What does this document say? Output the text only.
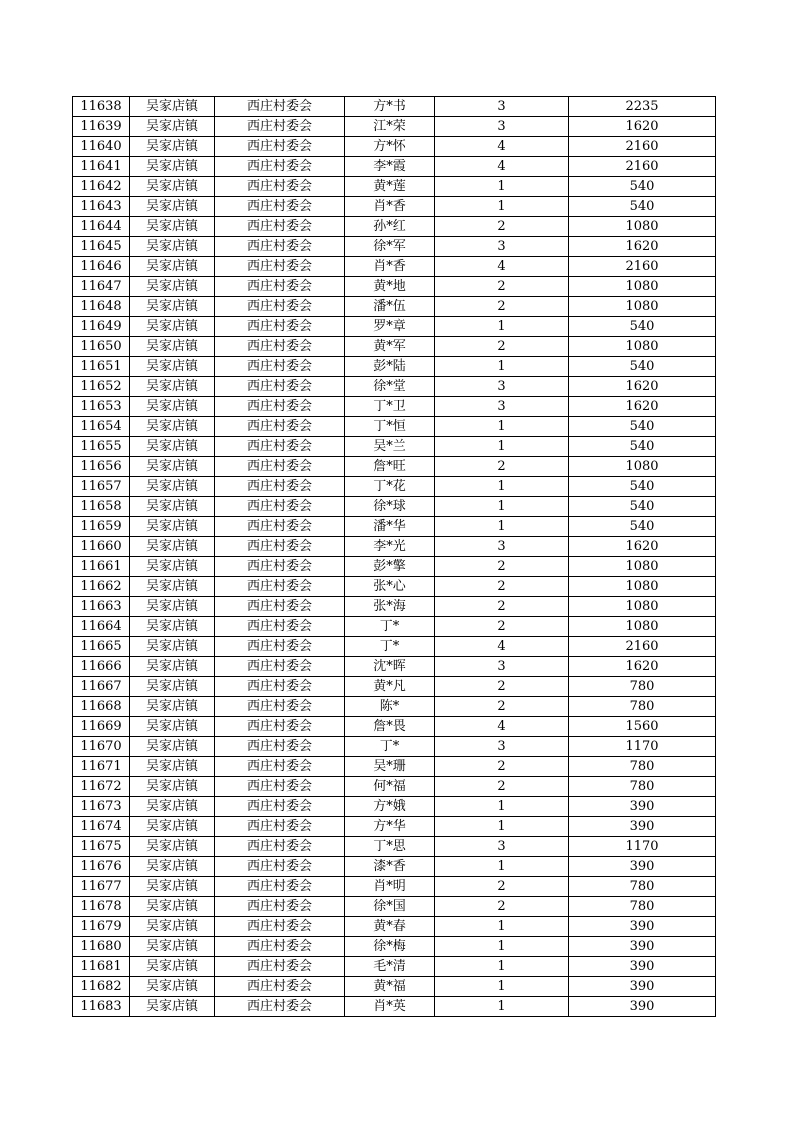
11638	吴家店镇	西庄村委会	方*书	3	2235
11639	吴家店镇	西庄村委会	江*荣	3	1620
11640	吴家店镇	西庄村委会	方*怀	4	2160
11641	吴家店镇	西庄村委会	李*霞	4	2160
11642	吴家店镇	西庄村委会	黄*莲	1	540
11643	吴家店镇	西庄村委会	肖*香	1	540
11644	吴家店镇	西庄村委会	孙*红	2	1080
11645	吴家店镇	西庄村委会	徐*军	3	1620
11646	吴家店镇	西庄村委会	肖*香	4	2160
11647	吴家店镇	西庄村委会	黄*地	2	1080
11648	吴家店镇	西庄村委会	潘*伍	2	1080
11649	吴家店镇	西庄村委会	罗*章	1	540
11650	吴家店镇	西庄村委会	黄*军	2	1080
11651	吴家店镇	西庄村委会	彭*陆	1	540
11652	吴家店镇	西庄村委会	徐*堂	3	1620
11653	吴家店镇	西庄村委会	丁*卫	3	1620
11654	吴家店镇	西庄村委会	丁*恒	1	540
11655	吴家店镇	西庄村委会	吴*兰	1	540
11656	吴家店镇	西庄村委会	詹*旺	2	1080
11657	吴家店镇	西庄村委会	丁*花	1	540
11658	吴家店镇	西庄村委会	徐*球	1	540
11659	吴家店镇	西庄村委会	潘*华	1	540
11660	吴家店镇	西庄村委会	李*光	3	1620
11661	吴家店镇	西庄村委会	彭*擎	2	1080
11662	吴家店镇	西庄村委会	张*心	2	1080
11663	吴家店镇	西庄村委会	张*海	2	1080
11664	吴家店镇	西庄村委会	丁*	2	1080
11665	吴家店镇	西庄村委会	丁*	4	2160
11666	吴家店镇	西庄村委会	沈*晖	3	1620
11667	吴家店镇	西庄村委会	黄*凡	2	780
11668	吴家店镇	西庄村委会	陈*	2	780
11669	吴家店镇	西庄村委会	詹*畏	4	1560
11670	吴家店镇	西庄村委会	丁*	3	1170
11671	吴家店镇	西庄村委会	吴*珊	2	780
11672	吴家店镇	西庄村委会	何*福	2	780
11673	吴家店镇	西庄村委会	方*娥	1	390
11674	吴家店镇	西庄村委会	方*华	1	390
11675	吴家店镇	西庄村委会	丁*思	3	1170
11676	吴家店镇	西庄村委会	漆*香	1	390
11677	吴家店镇	西庄村委会	肖*明	2	780
11678	吴家店镇	西庄村委会	徐*国	2	780
11679	吴家店镇	西庄村委会	黄*春	1	390
11680	吴家店镇	西庄村委会	徐*梅	1	390
11681	吴家店镇	西庄村委会	毛*清	1	390
11682	吴家店镇	西庄村委会	黄*福	1	390
11683	吴家店镇	西庄村委会	肖*英	1	390
